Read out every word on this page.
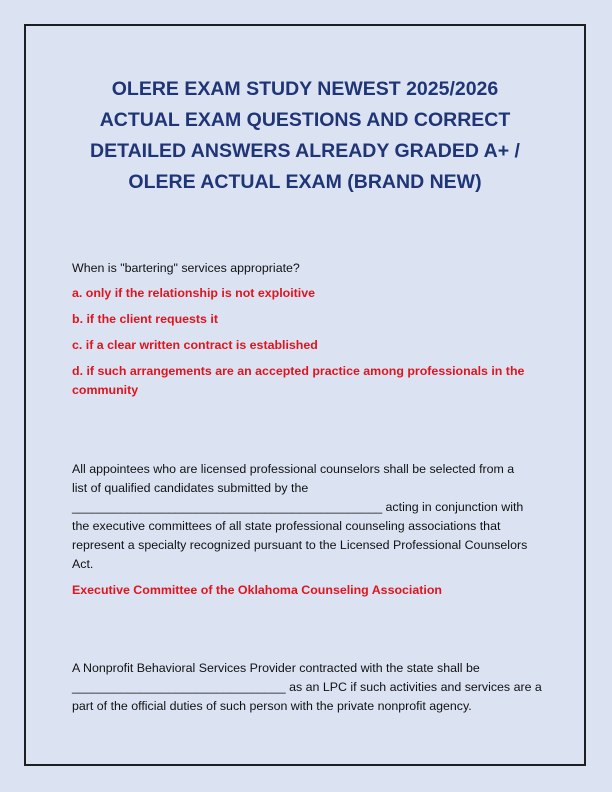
OLERE EXAM STUDY NEWEST 2025/2026
ACTUAL EXAM QUESTIONS AND CORRECT
DETAILED ANSWERS ALREADY GRADED A+ /
OLERE ACTUAL EXAM (BRAND NEW)
When is "bartering" services appropriate?
a. only if the relationship is not exploitive
b. if the client requests it
c. if a clear written contract is established
d. if such arrangements are an accepted practice among professionals in the
community
All appointees who are licensed professional counselors shall be selected from a
list of qualified candidates submitted by the
_____________________________________________ acting in conjunction with
the executive committees of all state professional counseling associations that
represent a specialty recognized pursuant to the Licensed Professional Counselors
Act.
Executive Committee of the Oklahoma Counseling Association
A Nonprofit Behavioral Services Provider contracted with the state shall be
_______________________________ as an LPC if such activities and services are a
part of the official duties of such person with the private nonprofit agency.
